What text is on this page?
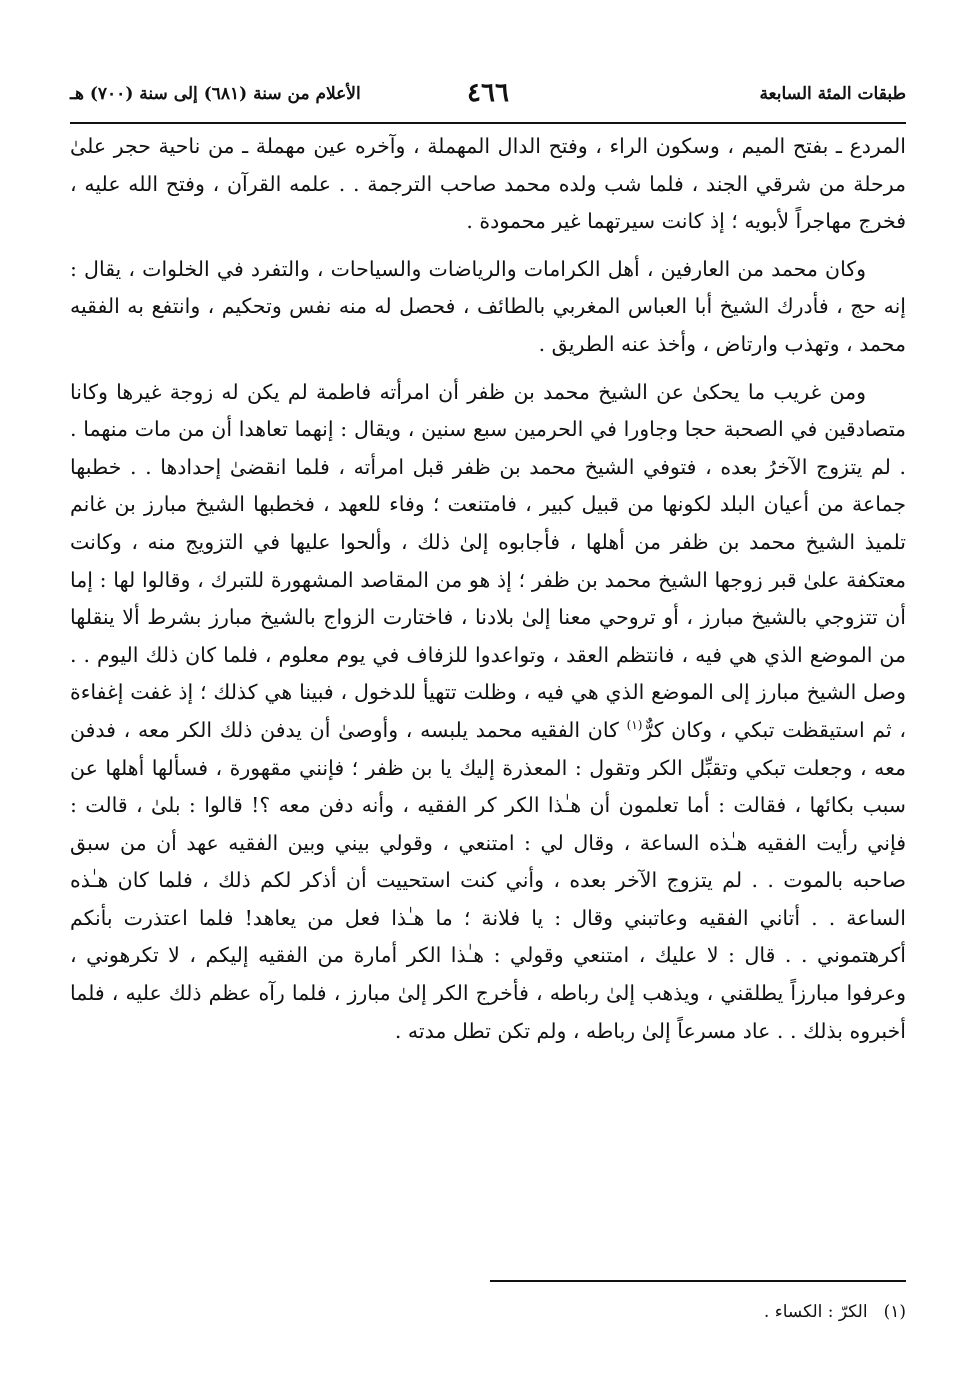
طبقات المئة السابعة
٤٦٦
الأعلام من سنة (٦٨١) إلى سنة (٧٠٠) هـ

المردع ـ بفتح الميم ، وسكون الراء ، وفتح الدال المهملة ، وآخره عين مهملة ـ من ناحية حجر علىٰ مرحلة من شرقي الجند ، فلما شب ولده محمد صاحب الترجمة . . علمه القرآن ، وفتح الله عليه ، فخرج مهاجراً لأبويه ؛ إذ كانت سيرتهما غير محمودة .

وكان محمد من العارفين ، أهل الكرامات والرياضات والسياحات ، والتفرد في الخلوات ، يقال : إنه حج ، فأدرك الشيخ أبا العباس المغربي بالطائف ، فحصل له منه نفس وتحكيم ، وانتفع به الفقيه محمد ، وتهذب وارتاض ، وأخذ عنه الطريق .

ومن غريب ما يحكىٰ عن الشيخ محمد بن ظفر أن امرأته فاطمة لم يكن له زوجة غيرها وكانا متصادقين في الصحبة حجا وجاورا في الحرمين سبع سنين ، ويقال : إنهما تعاهدا أن من مات منهما . . لم يتزوج الآخرُ بعده ، فتوفي الشيخ محمد بن ظفر قبل امرأته ، فلما انقضىٰ إحدادها . . خطبها جماعة من أعيان البلد لكونها من قبيل كبير ، فامتنعت ؛ وفاء للعهد ، فخطبها الشيخ مبارز بن غانم تلميذ الشيخ محمد بن ظفر من أهلها ، فأجابوه إلىٰ ذلك ، وألحوا عليها في التزويج منه ، وكانت معتكفة علىٰ قبر زوجها الشيخ محمد بن ظفر ؛ إذ هو من المقاصد المشهورة للتبرك ، وقالوا لها : إما أن تتزوجي بالشيخ مبارز ، أو تروحي معنا إلىٰ بلادنا ، فاختارت الزواج بالشيخ مبارز بشرط ألا ينقلها من الموضع الذي هي فيه ، فانتظم العقد ، وتواعدوا للزفاف في يوم معلوم ، فلما كان ذلك اليوم . . وصل الشيخ مبارز إلى الموضع الذي هي فيه ، وظلت تتهيأ للدخول ، فبينا هي كذلك ؛ إذ غفت إغفاءة ، ثم استيقظت تبكي ، وكان كرٌّ$^{(١)}$ كان الفقيه محمد يلبسه ، وأوصىٰ أن يدفن ذلك الكر معه ، فدفن معه ، وجعلت تبكي وتقبِّل الكر وتقول : المعذرة إليك يا بن ظفر ؛ فإنني مقهورة ، فسألها أهلها عن سبب بكائها ، فقالت : أما تعلمون أن هـٰذا الكر كر الفقيه ، وأنه دفن معه ؟! قالوا : بلىٰ ، قالت : فإني رأيت الفقيه هـٰذه الساعة ، وقال لي : امتنعي ، وقولي بيني وبين الفقيه عهد أن من سبق صاحبه بالموت . . لم يتزوج الآخر بعده ، وأني كنت استحييت أن أذكر لكم ذلك ، فلما كان هـٰذه الساعة . . أتاني الفقيه وعاتبني وقال : يا فلانة ؛ ما هـٰذا فعل من يعاهد! فلما اعتذرت بأنكم أكرهتموني . . قال : لا عليك ، امتنعي وقولي : هـٰذا الكر أمارة من الفقيه إليكم ، لا تكرهوني ، وعرفوا مبارزاً يطلقني ، ويذهب إلىٰ رباطه ، فأخرج الكر إلىٰ مبارز ، فلما رآه عظم ذلك عليه ، فلما أخبروه بذلك . . عاد مسرعاً إلىٰ رباطه ، ولم تكن تطل مدته .

(١)الكرّ : الكساء .
